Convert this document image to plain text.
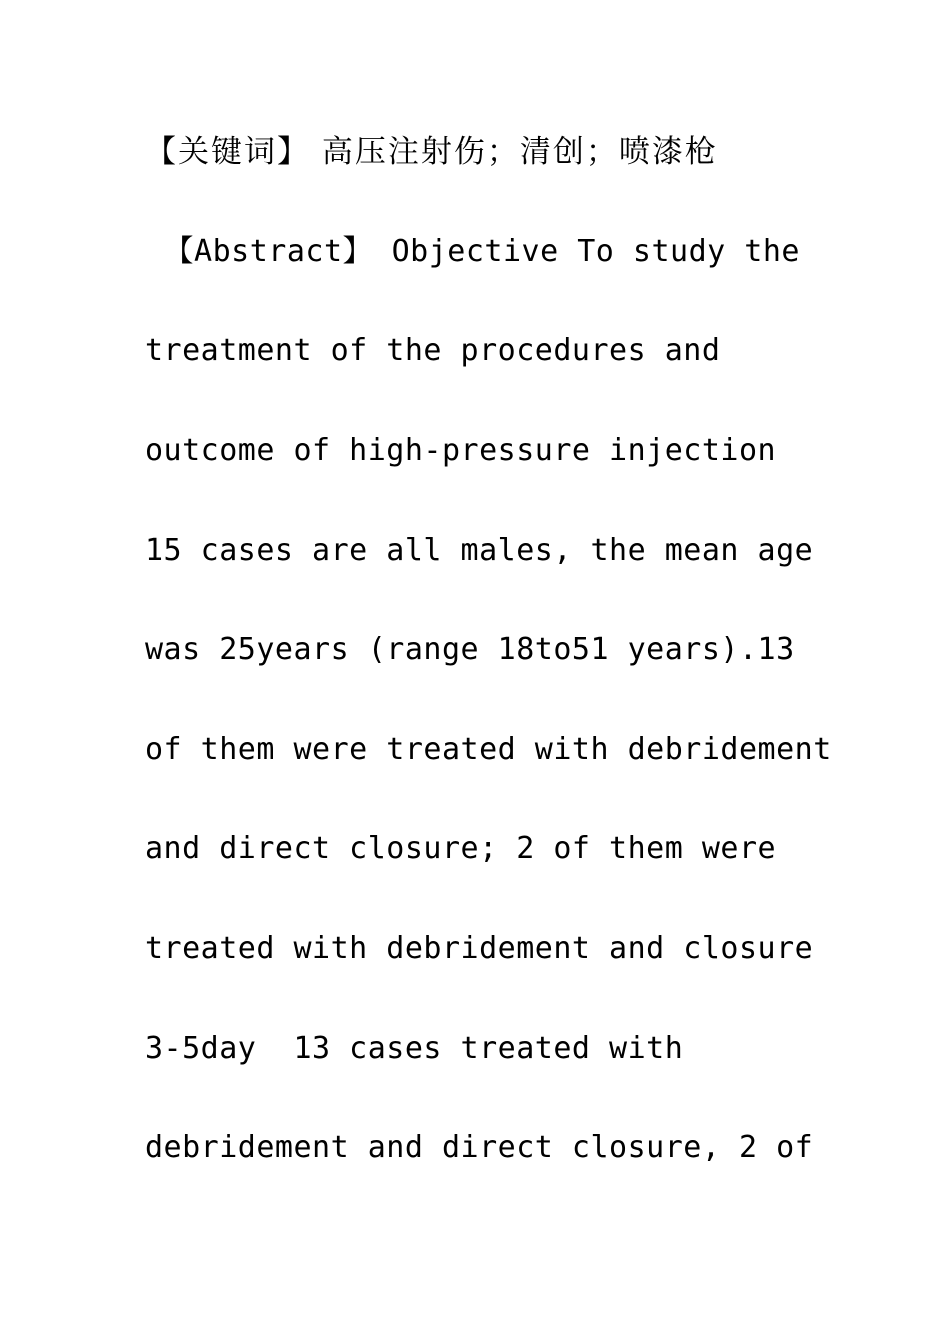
【关键词】 高压注射伤；清创；喷漆枪
【Abstract】 Objective To study the
treatment of the procedures and
outcome of high-pressure injection
15 cases are all males, the mean age
was 25years (range 18to51 years).13
of them were treated with debridement
and direct closure; 2 of them were
treated with debridement and closure
3-5day  13 cases treated with
debridement and direct closure, 2 of
